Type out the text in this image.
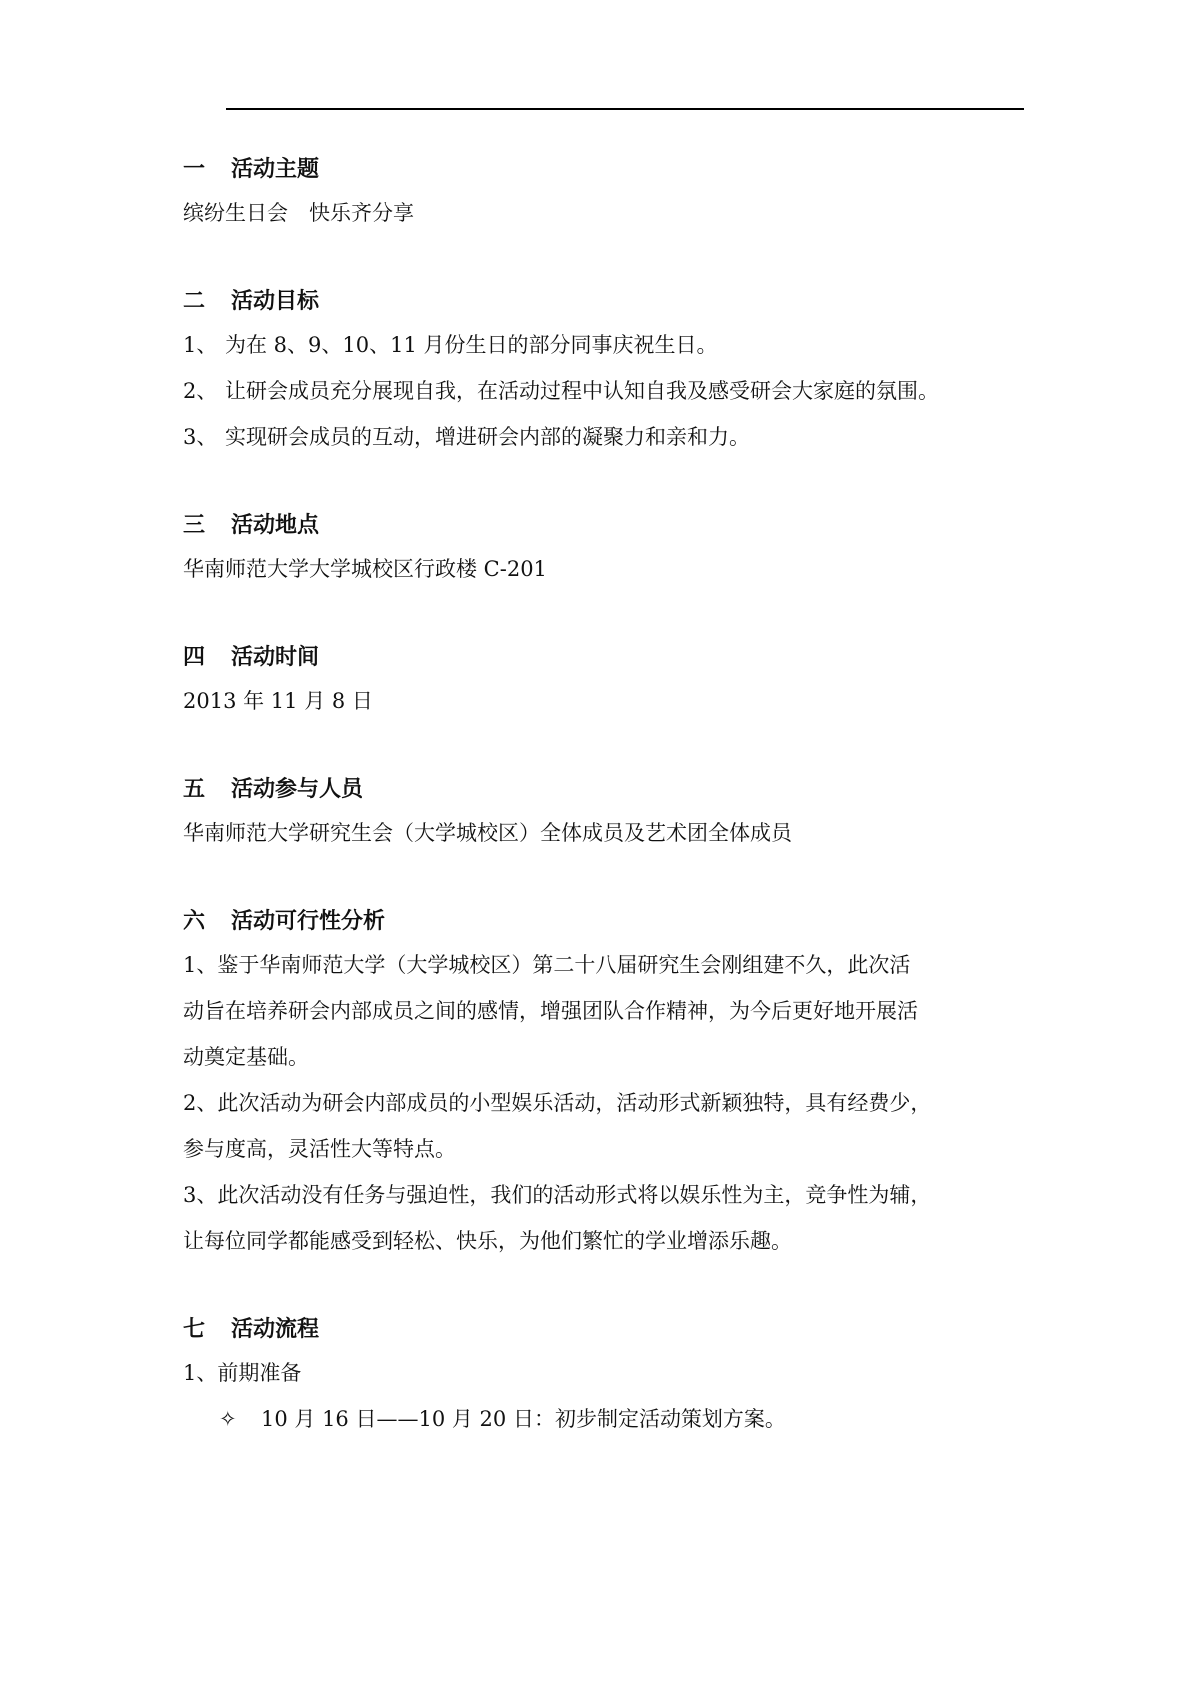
一 活动主题
缤纷生日会　快乐齐分享
二 活动目标
1、 为在 8、9、10、11 月份生日的部分同事庆祝生日。
2、 让研会成员充分展现自我，在活动过程中认知自我及感受研会大家庭的氛围。
3、 实现研会成员的互动，增进研会内部的凝聚力和亲和力。
三 活动地点
华南师范大学大学城校区行政楼 C-201
四 活动时间
2013 年 11 月 8 日
五 活动参与人员
华南师范大学研究生会（大学城校区）全体成员及艺术团全体成员
六 活动可行性分析
1、鉴于华南师范大学（大学城校区）第二十八届研究生会刚组建不久，此次活
动旨在培养研会内部成员之间的感情，增强团队合作精神，为今后更好地开展活
动奠定基础。
2、此次活动为研会内部成员的小型娱乐活动，活动形式新颖独特，具有经费少，
参与度高，灵活性大等特点。
3、此次活动没有任务与强迫性，我们的活动形式将以娱乐性为主，竞争性为辅，
让每位同学都能感受到轻松、快乐，为他们繁忙的学业增添乐趣。
七 活动流程
1、前期准备
✧ 10 月 16 日——10 月 20 日：初步制定活动策划方案。
